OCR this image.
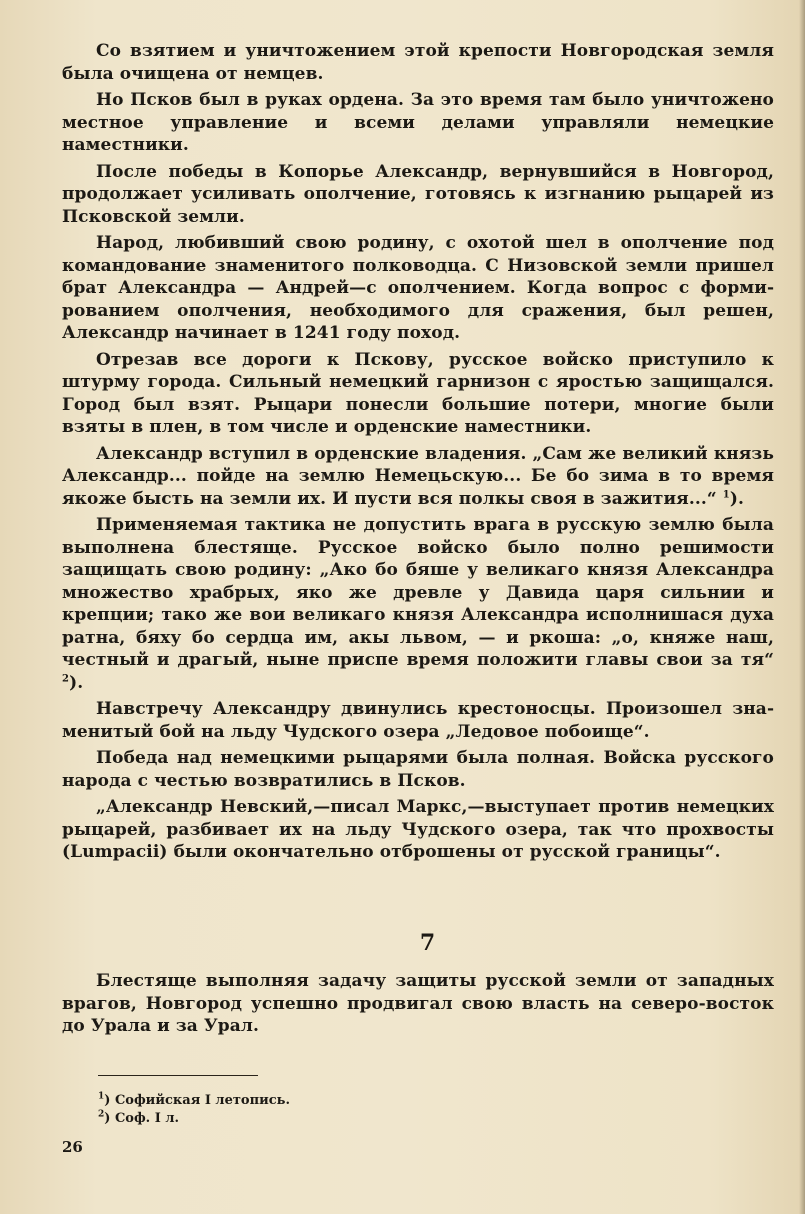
Со взятием и уничтожением этой крепости Новгородская земля была очищена от немцев.

Но Псков был в руках ордена. За это время там было уничтожено местное управление и всеми делами управляли немецкие наместники.

После победы в Копорье Александр, вернувшийся в Новгород, продолжает усиливать ополчение, готовясь к изгнанию рыцарей из Псковской земли.

Народ, любивший свою родину, с охотой шел в ополчение под командование знаменитого полководца. С Низовской земли пришел брат Александра — Андрей—с ополчением. Когда вопрос с формированием ополчения, необходимого для сражения, был решен, Александр начинает в 1241 году поход.

Отрезав все дороги к Пскову, русское войско приступило к штурму города. Сильный немецкий гарнизон с яростью защищался. Город был взят. Рыцари понесли большие потери, многие были взяты в плен, в том числе и орденские наместники.

Александр вступил в орденские владения. „Сам же великий князь Александр... пойде на землю Немецьскую... Бе бо зима в то время якоже бысть на земли их. И пусти вся полкы своя в зажития...“ $^1$).

Применяемая тактика не допустить врага в русскую землю была выполнена блестяще. Русское войско было полно решимости защищать свою родину: „Ако бо бяше у великаго князя Александра множество храбрых, яко же древле у Давида царя сильнии и крепции; тако же вои великаго князя Александра исполнишася духа ратна, бяху бо сердца им, акы львом, — и ркоша: „о, княже наш, честный и драгый, ныне приспе время положити главы свои за тя“ $^2$).

Навстречу Александру двинулись крестоносцы. Произошел знаменитый бой на льду Чудского озера „Ледовое побоище“.

Победа над немецкими рыцарями была полная. Войска русского народа с честью возвратились в Псков.

„Александр Невский,—писал Маркс,—выступает против немецких рыцарей, разбивает их на льду Чудского озера, так что прохвосты (Lumpacii) были окончательно отброшены от русской границы“.

7

Блестяще выполняя задачу защиты русской земли от западных врагов, Новгород успешно продвигал свою власть на северо-восток до Урала и за Урал.

$^1$) Софийская I летопись.

$^2$) Соф. I л.

26
